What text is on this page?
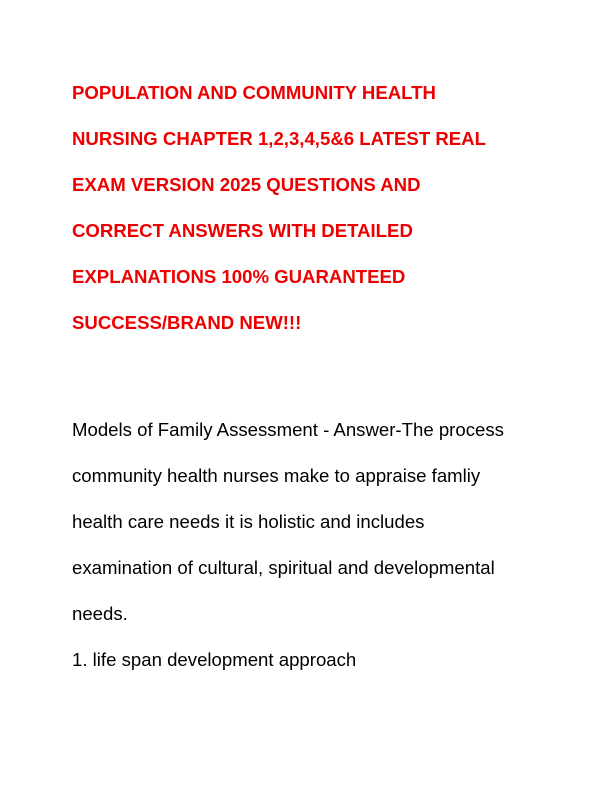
POPULATION AND COMMUNITY HEALTH
NURSING CHAPTER 1,2,3,4,5&6 LATEST REAL
EXAM VERSION 2025 QUESTIONS AND
CORRECT ANSWERS WITH DETAILED
EXPLANATIONS 100% GUARANTEED
SUCCESS/BRAND NEW!!!
Models of Family Assessment - Answer-The process
community health nurses make to appraise famliy
health care needs it is holistic and includes
examination of cultural, spiritual and developmental
needs.
1. life span development approach
